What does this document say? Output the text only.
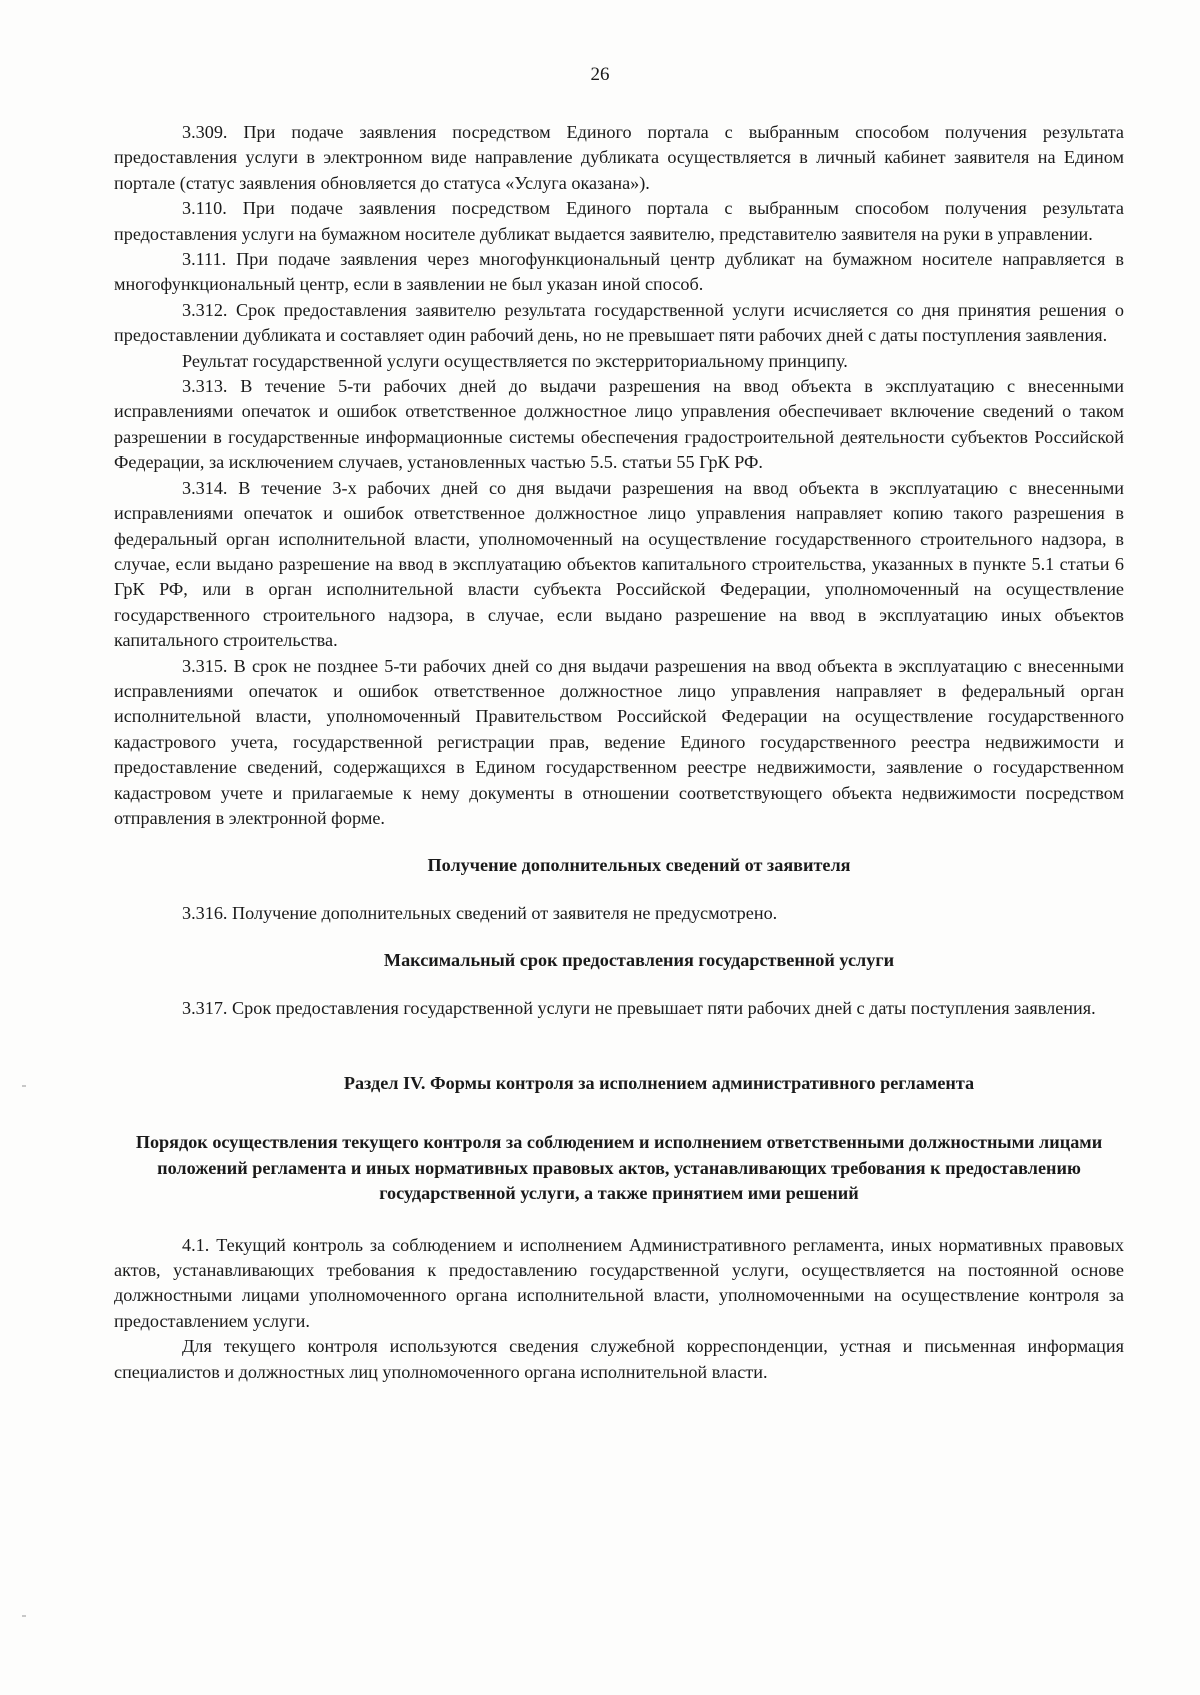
26

3.309. При подаче заявления посредством Единого портала с выбранным способом получения результата предоставления услуги в электронном виде направление дубликата осуществляется в личный кабинет заявителя на Едином портале (статус заявления обновляется до статуса «Услуга оказана»).

3.110. При подаче заявления посредством Единого портала с выбранным способом получения результата предоставления услуги на бумажном носителе дубликат выдается заявителю, представителю заявителя на руки в управлении.

3.111. При подаче заявления через многофункциональный центр дубликат на бумажном носителе направляется в многофункциональный центр, если в заявлении не был указан иной способ.

3.312. Срок предоставления заявителю результата государственной услуги исчисляется со дня принятия решения о предоставлении дубликата и составляет один рабочий день, но не превышает пяти рабочих дней с даты поступления заявления.

Реультат государственной услуги осуществляется по экстерриториальному принципу.

3.313. В течение 5-ти рабочих дней до выдачи разрешения на ввод объекта в эксплуатацию с внесенными исправлениями опечаток и ошибок ответственное должностное лицо управления обеспечивает включение сведений о таком разрешении в государственные информационные системы обеспечения градостроительной деятельности субъектов Российской Федерации, за исключением случаев, установленных частью 5.5. статьи 55 ГрК РФ.

3.314. В течение 3-х рабочих дней со дня выдачи разрешения на ввод объекта в эксплуатацию с внесенными исправлениями опечаток и ошибок ответственное должностное лицо управления направляет копию такого разрешения в федеральный орган исполнительной власти, уполномоченный на осуществление государственного строительного надзора, в случае, если выдано разрешение на ввод в эксплуатацию объектов капитального строительства, указанных в пункте 5.1 статьи 6 ГрК РФ, или в орган исполнительной власти субъекта Российской Федерации, уполномоченный на осуществление государственного строительного надзора, в случае, если выдано разрешение на ввод в эксплуатацию иных объектов капитального строительства.

3.315. В срок не позднее 5-ти рабочих дней со дня выдачи разрешения на ввод объекта в эксплуатацию с внесенными исправлениями опечаток и ошибок ответственное должностное лицо управления направляет в федеральный орган исполнительной власти, уполномоченный Правительством Российской Федерации на осуществление государственного кадастрового учета, государственной регистрации прав, ведение Единого государственного реестра недвижимости и предоставление сведений, содержащихся в Едином государственном реестре недвижимости, заявление о государственном кадастровом учете и прилагаемые к нему документы в отношении соответствующего объекта недвижимости посредством отправления в электронной форме.

Получение дополнительных сведений от заявителя

3.316. Получение дополнительных сведений от заявителя не предусмотрено.

Максимальный срок предоставления государственной услуги

3.317. Срок предоставления государственной услуги не превышает пяти рабочих дней с даты поступления заявления.

Раздел IV. Формы контроля за исполнением административного регламента

Порядок осуществления текущего контроля за соблюдением и исполнением ответственными должностными лицами положений регламента и иных нормативных правовых актов, устанавливающих требования к предоставлению государственной услуги, а также принятием ими решений

4.1. Текущий контроль за соблюдением и исполнением Административного регламента, иных нормативных правовых актов, устанавливающих требования к предоставлению государственной услуги, осуществляется на постоянной основе должностными лицами уполномоченного органа исполнительной власти, уполномоченными на осуществление контроля за предоставлением услуги.

Для текущего контроля используются сведения служебной корреспонденции, устная и письменная информация специалистов и должностных лиц уполномоченного органа исполнительной власти.
